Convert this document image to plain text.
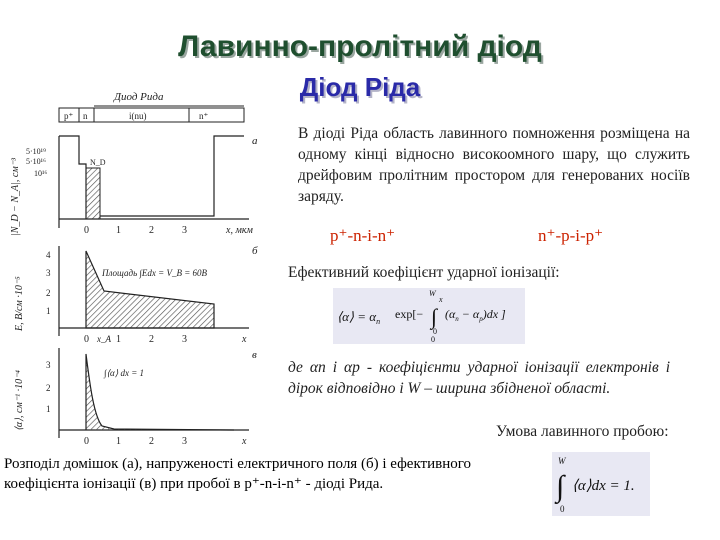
Лавинно-пролітний діод
Діод Ріда
Диод Рида
p⁺ n	i(nu)	n⁺
|N_D − N_A|, см⁻³
5·10¹⁹
5·10¹⁶
10¹⁶
N_D
а
x, мкм
0	1	2	3
E, В/см ·10⁻⁵
4
3
2
1
Площадь ∫Edx = V_B = 60В
б
x
0 x_A 1	2	3
⟨α⟩, см⁻¹ ·10⁻⁴
3
2
1
∫⟨α⟩ dx = 1
в
x
0	1	2	3
В діоді Ріда область лавинного помноження розміщена на одному кінці відносно високоомного шару, що служить дрейфовим пролітним простором для генерованих носіїв заряду.
p⁺-n-i-n⁺	n⁺-p-i-p⁺
Ефективний коефіцієнт ударної іонізації:
⟨α⟩ = $\alpha_n$
exp[− ∫
x
0
$(\alpha_n - \alpha_p)dx$ ]
W
0
де αn і αp - коефіцієнти ударної іонізації електронів і дірок відповідно і W – ширина збідненої області.
Умова лавинного пробою:
∫
W
0
⟨α⟩dx = 1.
Розподіл домішок (а), напруженості електричного поля (б) і ефективного коефіцієнта іонізації (в) при пробої в p⁺-n-i-n⁺ - діоді Рида.
